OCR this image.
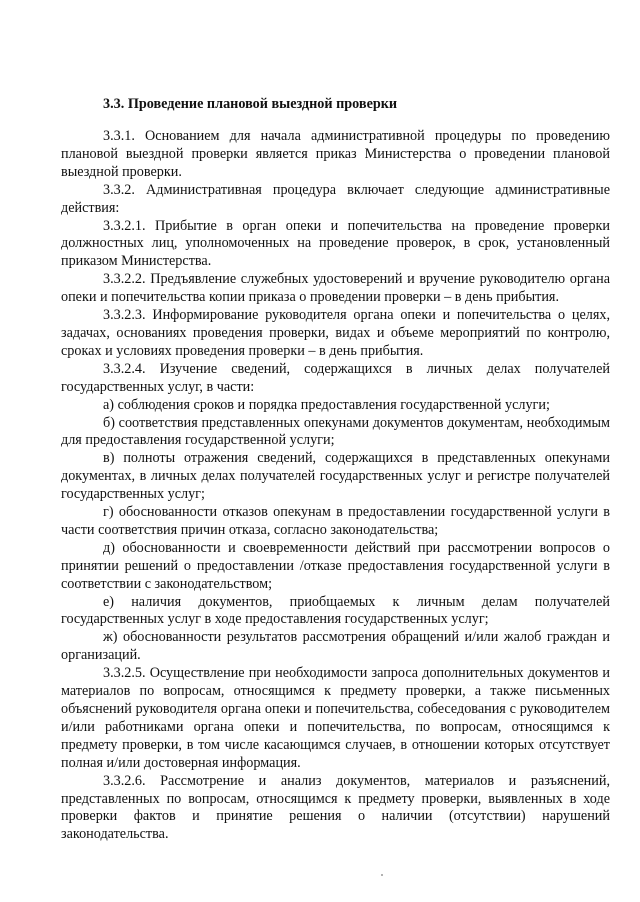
3.3. Проведение плановой выездной проверки

3.3.1. Основанием для начала административной процедуры по проведению плановой выездной проверки является приказ Министерства о проведении плановой выездной проверки.

3.3.2. Административная процедура включает следующие административные действия:

3.3.2.1. Прибытие в орган опеки и попечительства на проведение проверки должностных лиц, уполномоченных на проведение проверок, в срок, установленный приказом Министерства.

3.3.2.2. Предъявление служебных удостоверений и вручение руководителю органа опеки и попечительства копии приказа о проведении проверки – в день прибытия.

3.3.2.3. Информирование руководителя органа опеки и попечительства о целях, задачах, основаниях проведения проверки, видах и объеме мероприятий по контролю, сроках и условиях проведения проверки – в день прибытия.

3.3.2.4. Изучение сведений, содержащихся в личных делах получателей государственных услуг, в части:

а) соблюдения сроков и порядка предоставления государственной услуги;

б) соответствия представленных опекунами документов документам, необходимым для предоставления государственной услуги;

в) полноты отражения сведений, содержащихся в представленных опекунами документах, в личных делах получателей государственных услуг и регистре получателей государственных услуг;

г) обоснованности отказов опекунам в предоставлении государственной услуги в части соответствия причин отказа, согласно законодательства;

д) обоснованности и своевременности действий при рассмотрении вопросов о принятии решений о предоставлении /отказе предоставления государственной услуги в соответствии с законодательством;

е) наличия документов, приобщаемых к личным делам получателей государственных услуг в ходе предоставления государственных услуг;

ж) обоснованности результатов рассмотрения обращений и/или жалоб граждан и организаций.

3.3.2.5. Осуществление при необходимости запроса дополнительных документов и материалов по вопросам, относящимся к предмету проверки, а также письменных объяснений руководителя органа опеки и попечительства, собеседования с руководителем и/или работниками органа опеки и попечительства, по вопросам, относящимся к предмету проверки, в том числе касающимся случаев, в отношении которых отсутствует полная и/или достоверная информация.

3.3.2.6. Рассмотрение и анализ документов, материалов и разъяснений, представленных по вопросам, относящимся к предмету проверки, выявленных в ходе проверки фактов и принятие решения о наличии (отсутствии) нарушений законодательства.
